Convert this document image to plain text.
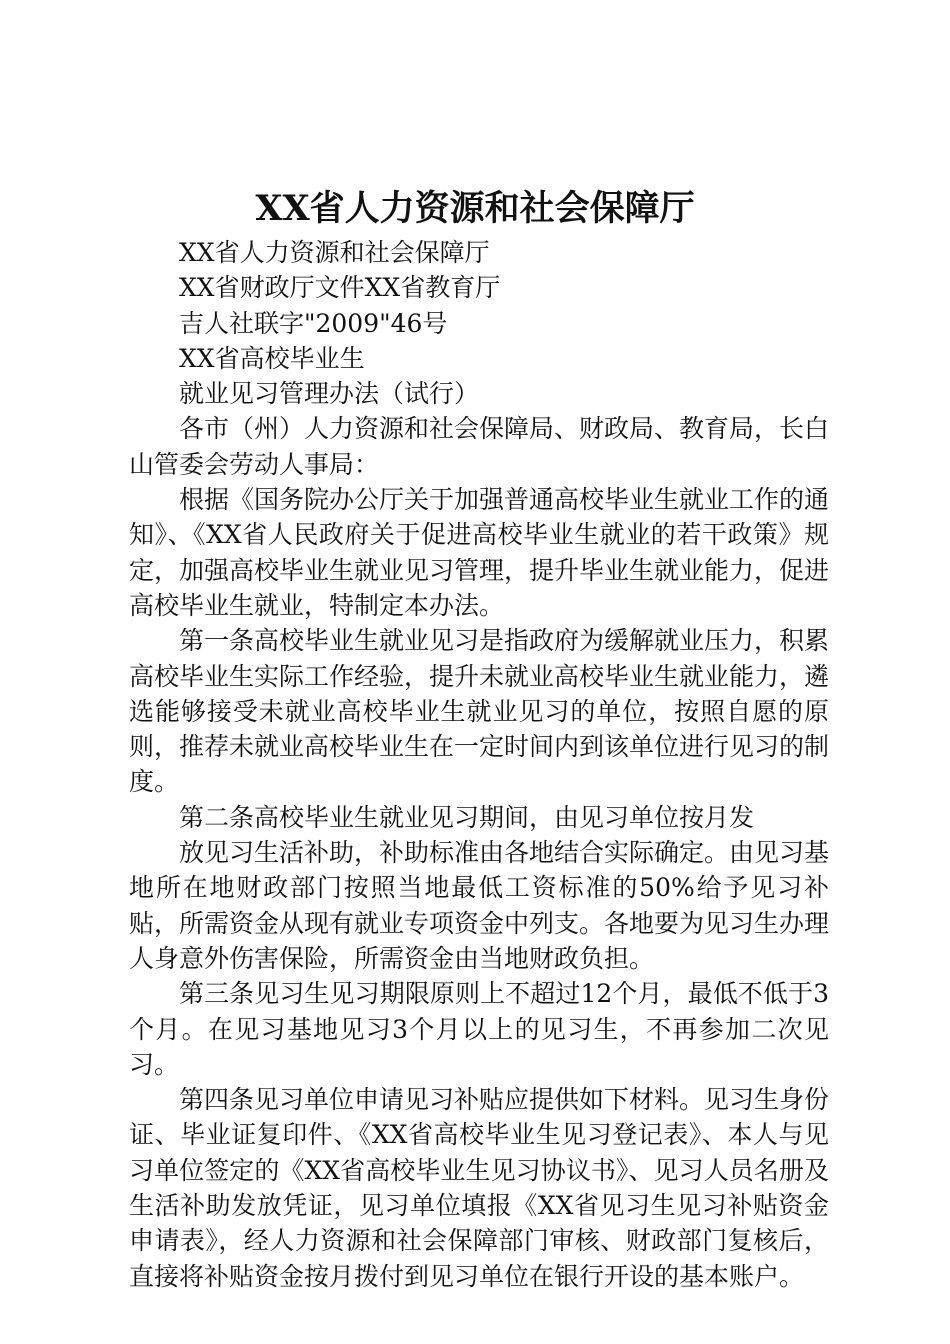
XX省人力资源和社会保障厅

XX省人力资源和社会保障厅

XX省财政厅文件XX省教育厅

吉人社联字"2009"46号

XX省高校毕业生

就业见习管理办法（试行）

各市（州）人力资源和社会保障局、财政局、教育局，长白山管委会劳动人事局：

根据《国务院办公厅关于加强普通高校毕业生就业工作的通知》、《XX省人民政府关于促进高校毕业生就业的若干政策》规定，加强高校毕业生就业见习管理，提升毕业生就业能力，促进高校毕业生就业，特制定本办法。

第一条高校毕业生就业见习是指政府为缓解就业压力，积累高校毕业生实际工作经验，提升未就业高校毕业生就业能力，遴选能够接受未就业高校毕业生就业见习的单位，按照自愿的原则，推荐未就业高校毕业生在一定时间内到该单位进行见习的制度。

第二条高校毕业生就业见习期间，由见习单位按月发

放见习生活补助，补助标准由各地结合实际确定。由见习基地所在地财政部门按照当地最低工资标准的50%给予见习补贴，所需资金从现有就业专项资金中列支。各地要为见习生办理人身意外伤害保险，所需资金由当地财政负担。

第三条见习生见习期限原则上不超过12个月，最低不低于3个月。在见习基地见习3个月以上的见习生，不再参加二次见习。

第四条见习单位申请见习补贴应提供如下材料。见习生身份证、毕业证复印件、《XX省高校毕业生见习登记表》、本人与见习单位签定的《XX省高校毕业生见习协议书》、见习人员名册及生活补助发放凭证，见习单位填报《XX省见习生见习补贴资金申请表》，经人力资源和社会保障部门审核、财政部门复核后，直接将补贴资金按月拨付到见习单位在银行开设的基本账户。
